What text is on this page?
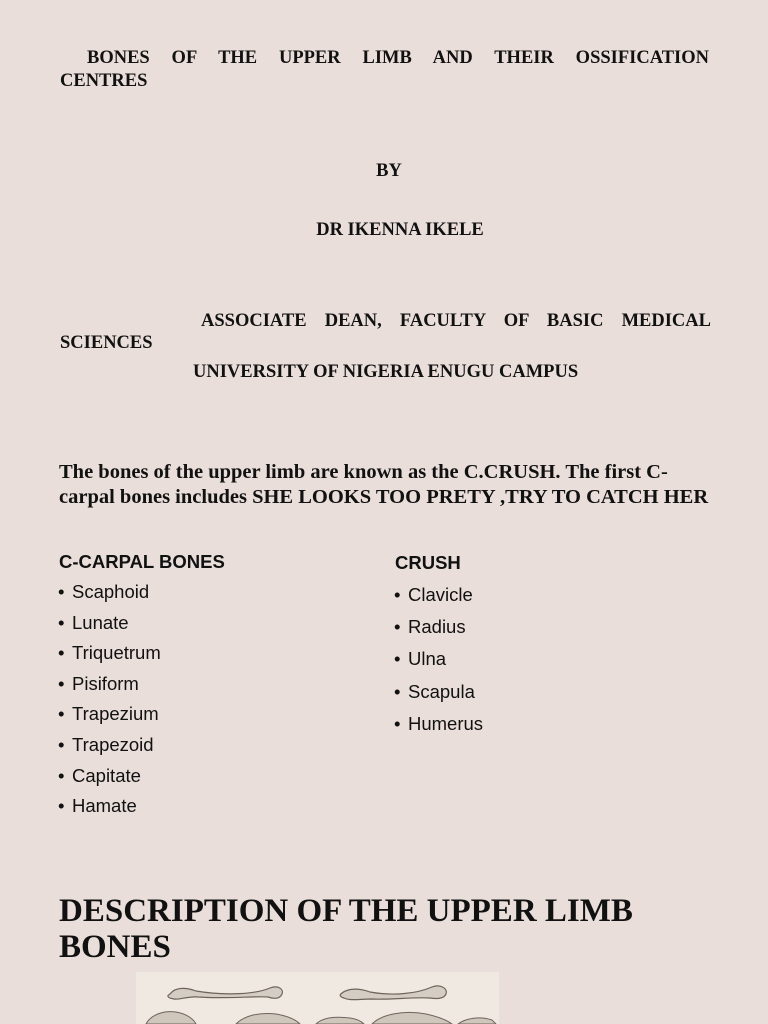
BONES OF THE UPPER LIMB AND THEIR OSSIFICATION CENTRES
BY
DR IKENNA IKELE
ASSOCIATE DEAN, FACULTY OF BASIC MEDICAL SCIENCES
UNIVERSITY OF NIGERIA ENUGU CAMPUS
The bones of the upper limb are known as the C.CRUSH. The first C-carpal bones includes SHE LOOKS TOO PRETY ,TRY TO CATCH HER
C-CARPAL BONES
• Scaphoid
• Lunate
• Triquetrum
• Pisiform
• Trapezium
• Trapezoid
• Capitate
• Hamate
CRUSH
• Clavicle
• Radius
• Ulna
• Scapula
• Humerus
DESCRIPTION OF THE UPPER LIMB BONES
